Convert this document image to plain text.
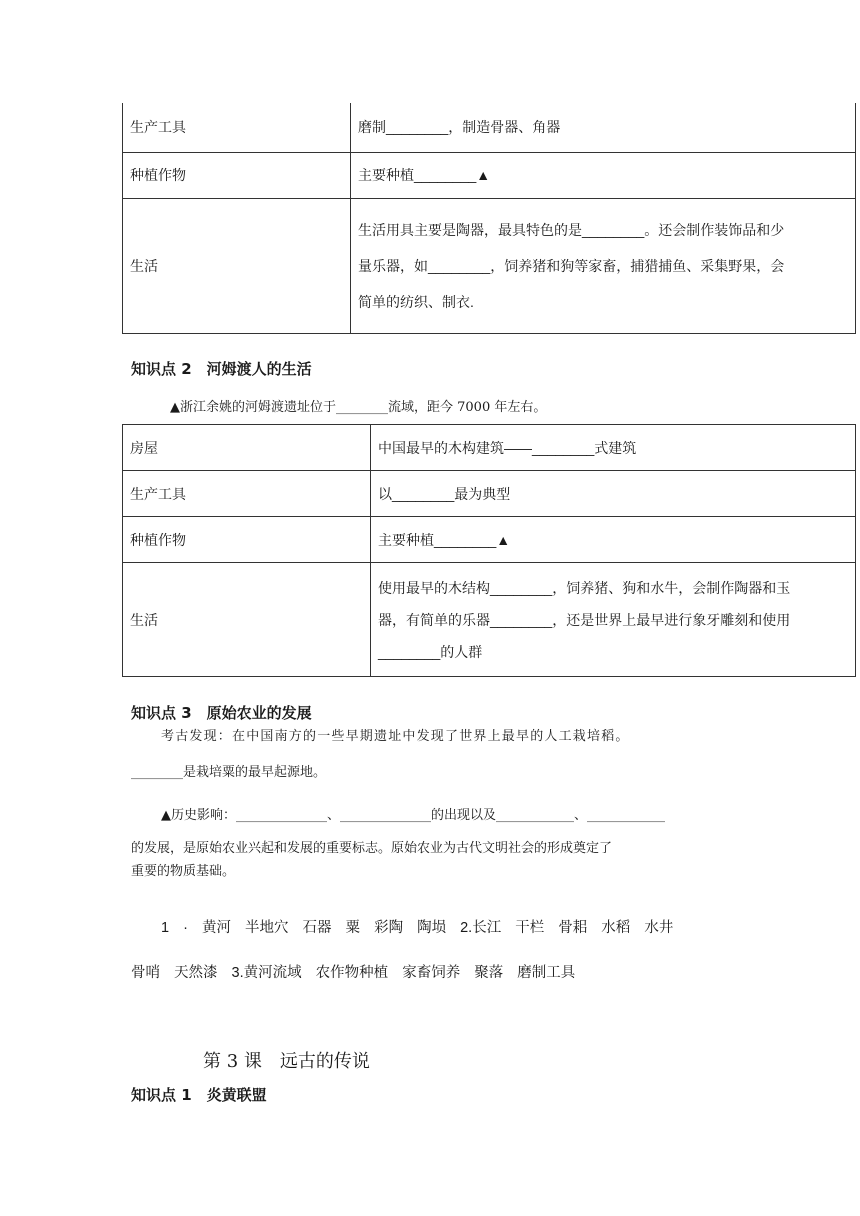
生产工具	磨制________，制造骨器、角器
种植作物	主要种植________▲
生活	生活用具主要是陶器，最具特色的是________。还会制作装饰品和少
量乐器，如________，饲养猪和狗等家畜，捕猎捕鱼、采集野果，会
简单的纺织、制衣.
知识点 2　河姆渡人的生活
▲浙江余姚的河姆渡遗址位于________流域，距今 7000 年左右。
房屋	中国最早的木构建筑——________式建筑
生产工具	以________最为典型
种植作物	主要种植________▲
生活	使用最早的木结构________，饲养猪、狗和水牛，会制作陶器和玉
器，有简单的乐器________，还是世界上最早进行象牙雕刻和使用
________的人群
知识点 3　原始农业的发展
考古发现：在中国南方的一些早期遗址中发现了世界上最早的人工栽培稻。
________是栽培粟的最早起源地。
▲历史影响：______________、______________的出现以及____________、____________
的发展，是原始农业兴起和发展的重要标志。原始农业为古代文明社会的形成奠定了
重要的物质基础。
1 · 黄河 半地穴 石器 粟 彩陶 陶埙 2.长江 干栏 骨耜 水稻 水井
骨哨 天然漆 3.黄河流域 农作物种植 家畜饲养 聚落 磨制工具
第 3 课　远古的传说
知识点 1　炎黄联盟
